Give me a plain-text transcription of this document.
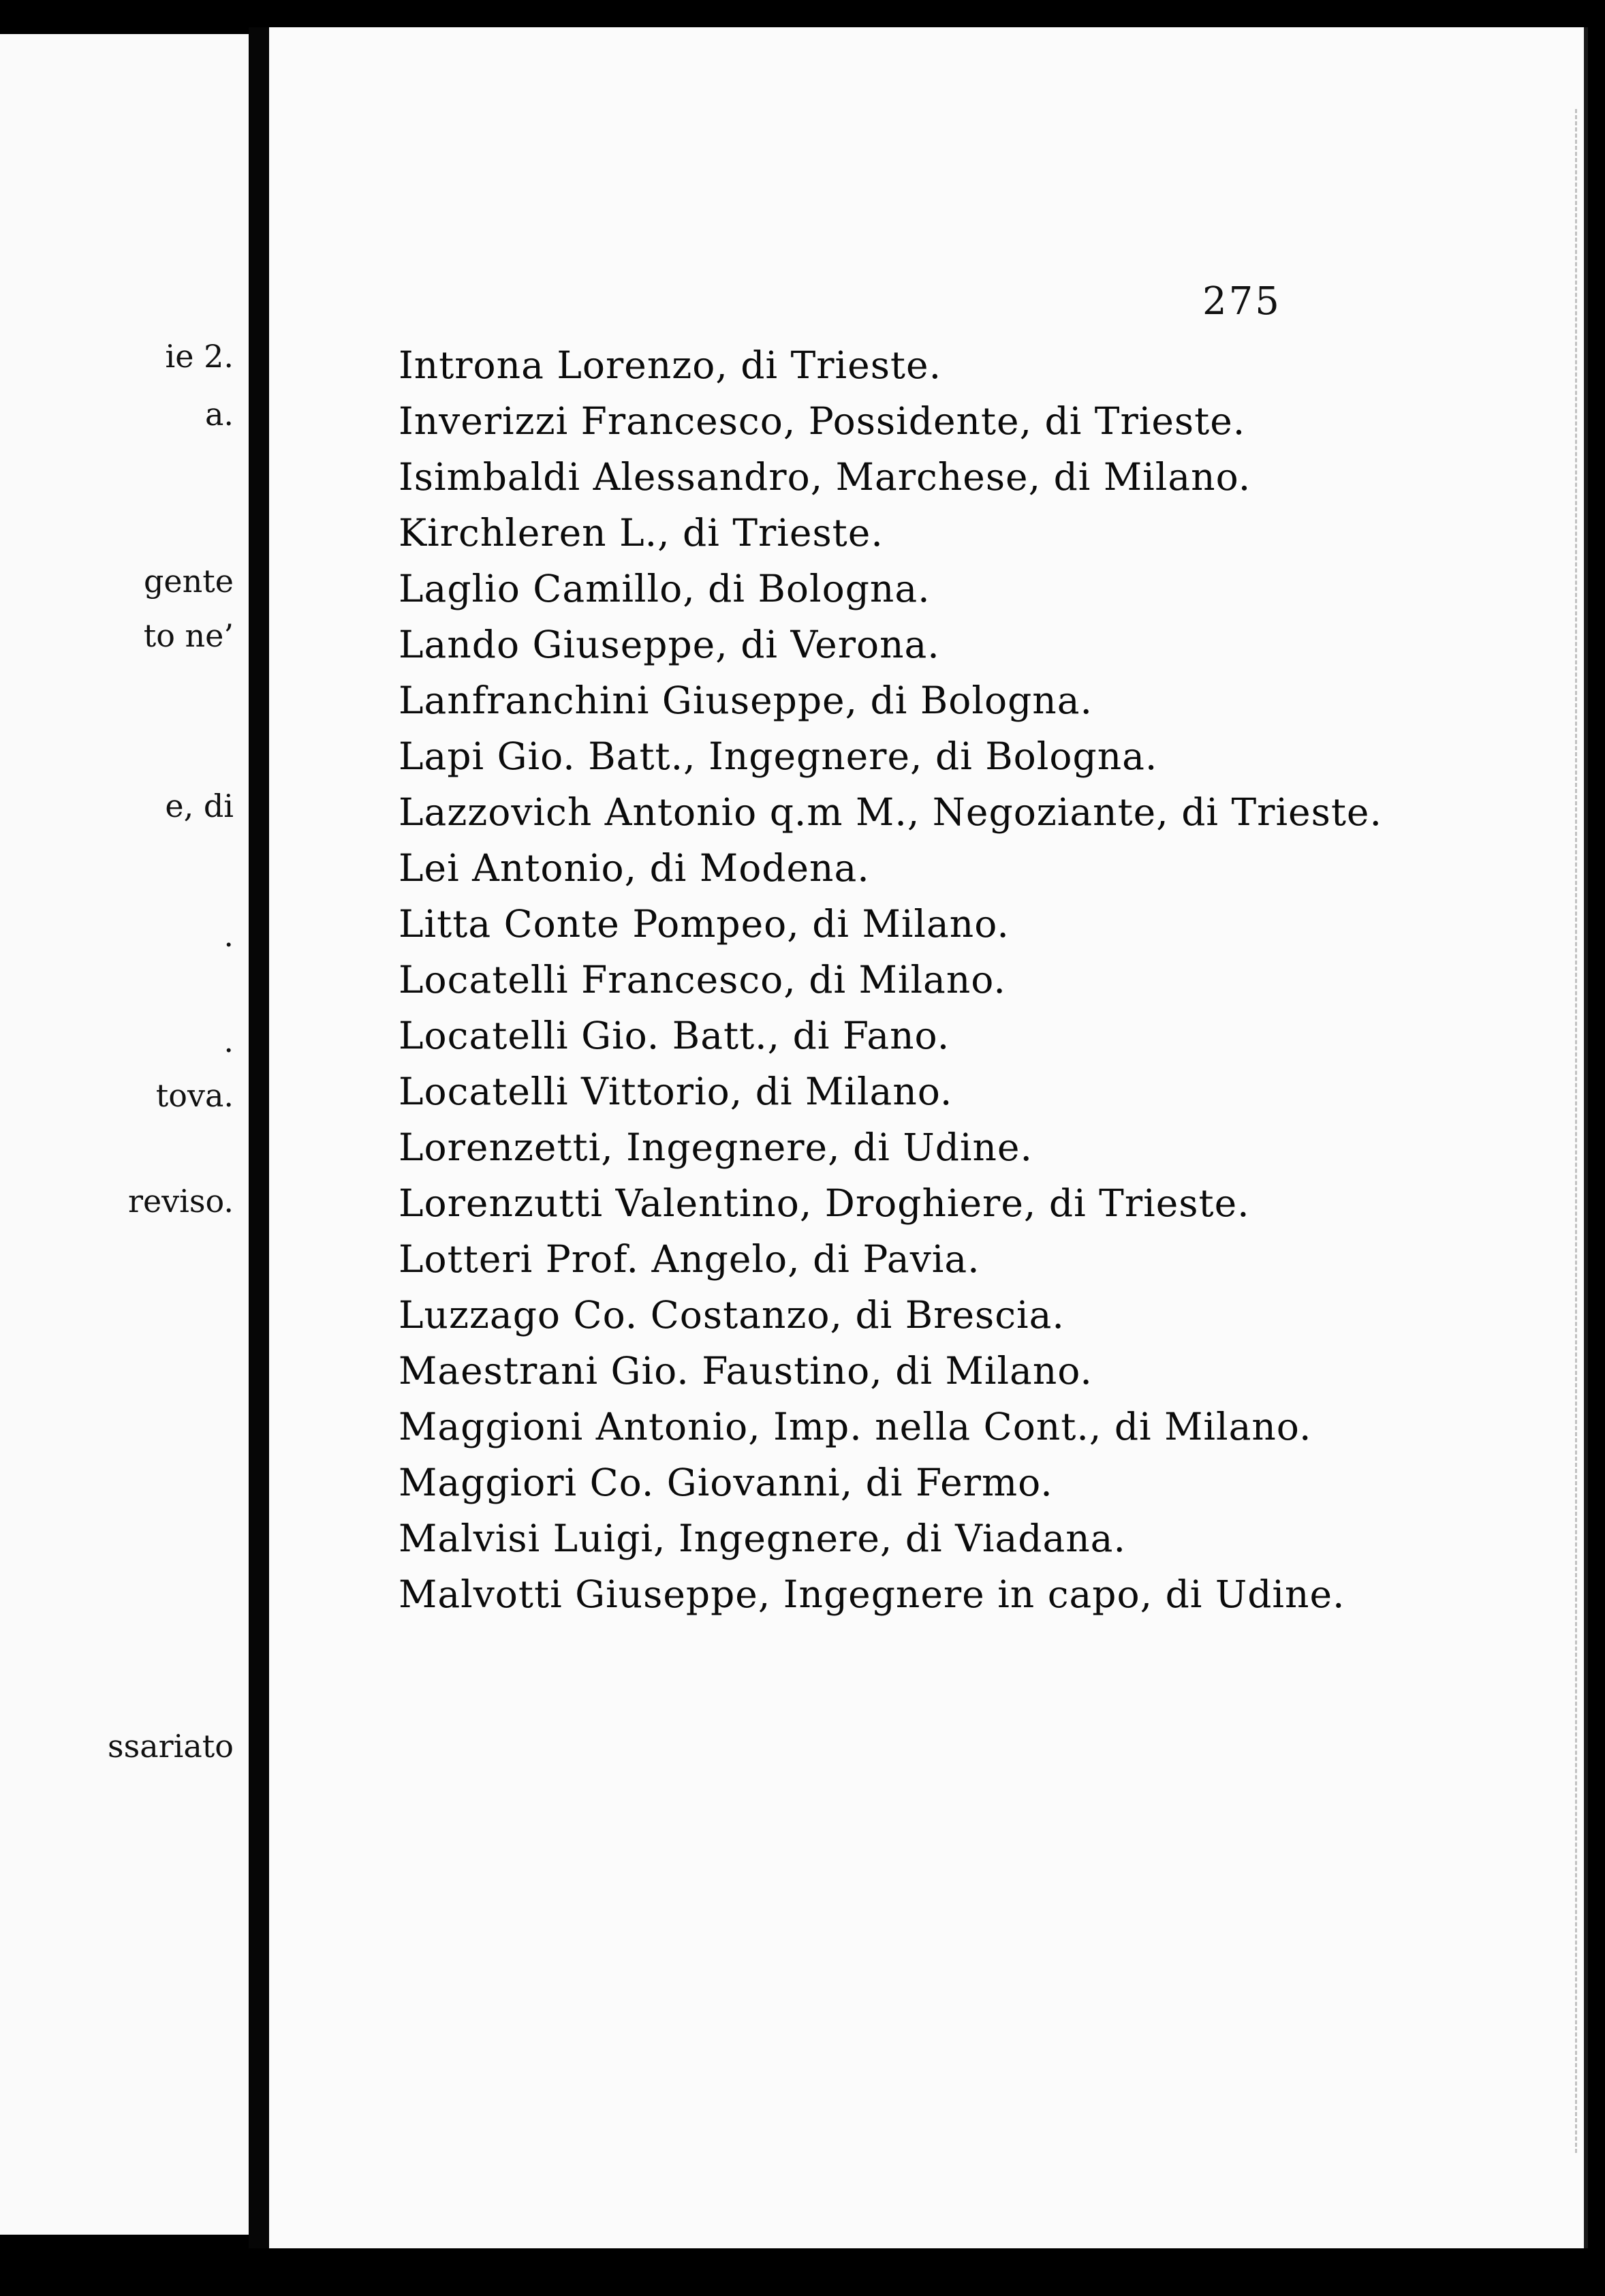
ie 2.
a.
gente
to ne’
e, di
.
.
tova.
reviso.
ssariato
275
Introna Lorenzo, di Trieste.
Inverizzi Francesco, Possidente, di Trieste.
Isimbaldi Alessandro, Marchese, di Milano.
Kirchleren L., di Trieste.
Laglio Camillo, di Bologna.
Lando Giuseppe, di Verona.
Lanfranchini Giuseppe, di Bologna.
Lapi Gio. Batt., Ingegnere, di Bologna.
Lazzovich Antonio q.m M., Negoziante, di Trieste.
Lei Antonio, di Modena.
Litta Conte Pompeo, di Milano.
Locatelli Francesco, di Milano.
Locatelli Gio. Batt., di Fano.
Locatelli Vittorio, di Milano.
Lorenzetti, Ingegnere, di Udine.
Lorenzutti Valentino, Droghiere, di Trieste.
Lotteri Prof. Angelo, di Pavia.
Luzzago Co. Costanzo, di Brescia.
Maestrani Gio. Faustino, di Milano.
Maggioni Antonio, Imp. nella Cont., di Milano.
Maggiori Co. Giovanni, di Fermo.
Malvisi Luigi, Ingegnere, di Viadana.
Malvotti Giuseppe, Ingegnere in capo, di Udine.
